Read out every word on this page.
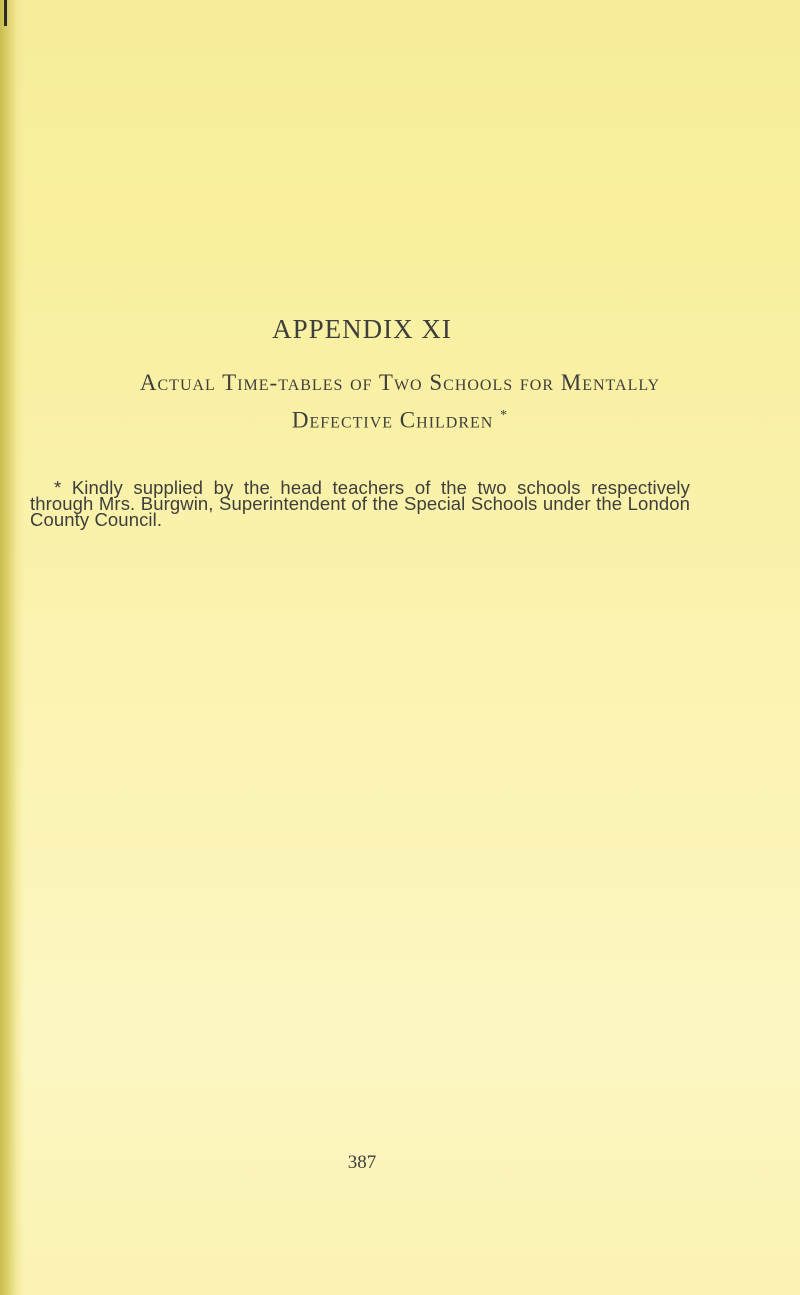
APPENDIX XI
Actual Time-tables of Two Schools for Mentally
Defective Children *

* Kindly supplied by the head teachers of the two schools respectively through Mrs. Burgwin, Superintendent of the Special Schools under the London County Council.

387
